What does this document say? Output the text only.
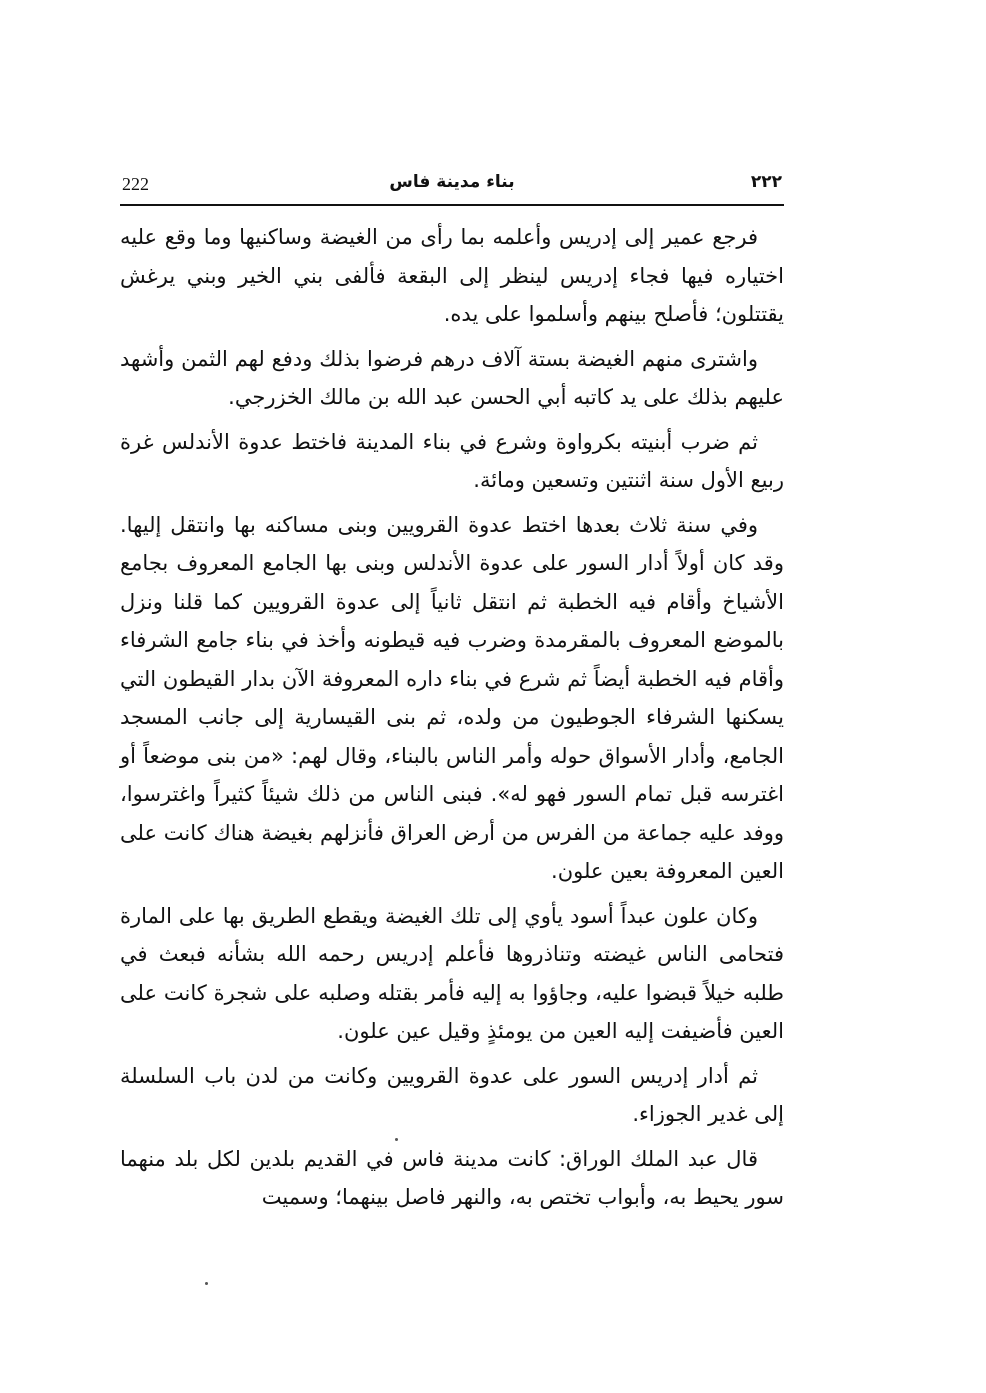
222	بناء مدينة فاس	٢٢٢

فرجع عمير إلى إدريس وأعلمه بما رأى من الغيضة وساكنيها وما وقع عليه اختياره فيها فجاء إدريس لينظر إلى البقعة فألفى بني الخير وبني يرغش يقتتلون؛ فأصلح بينهم وأسلموا على يده.

واشترى منهم الغيضة بستة آلاف درهم فرضوا بذلك ودفع لهم الثمن وأشهد عليهم بذلك على يد كاتبه أبي الحسن عبد الله بن مالك الخزرجي.

ثم ضرب أبنيته بكرواوة وشرع في بناء المدينة فاختط عدوة الأندلس غرة ربيع الأول سنة اثنتين وتسعين ومائة.

وفي سنة ثلاث بعدها اختط عدوة القرويين وبنى مساكنه بها وانتقل إليها. وقد كان أولاً أدار السور على عدوة الأندلس وبنى بها الجامع المعروف بجامع الأشياخ وأقام فيه الخطبة ثم انتقل ثانياً إلى عدوة القرويين كما قلنا ونزل بالموضع المعروف بالمقرمدة وضرب فيه قيطونه وأخذ في بناء جامع الشرفاء وأقام فيه الخطبة أيضاً ثم شرع في بناء داره المعروفة الآن بدار القيطون التي يسكنها الشرفاء الجوطيون من ولده، ثم بنى القيسارية إلى جانب المسجد الجامع، وأدار الأسواق حوله وأمر الناس بالبناء، وقال لهم: «من بنى موضعاً أو اغترسه قبل تمام السور فهو له». فبنى الناس من ذلك شيئاً كثيراً واغترسوا، ووفد عليه جماعة من الفرس من أرض العراق فأنزلهم بغيضة هناك كانت على العين المعروفة بعين علون.

وكان علون عبداً أسود يأوي إلى تلك الغيضة ويقطع الطريق بها على المارة فتحامى الناس غيضته وتناذروها فأعلم إدريس رحمه الله بشأنه فبعث في طلبه خيلاً قبضوا عليه، وجاؤوا به إليه فأمر بقتله وصلبه على شجرة كانت على العين فأضيفت إليه العين من يومئذٍ وقيل عين علون.

ثم أدار إدريس السور على عدوة القرويين وكانت من لدن باب السلسلة إلى غدير الجوزاء.

قال عبد الملك الوراق: كانت مدينة فاس في القديم بلدين لكل بلد منهما سور يحيط به، وأبواب تختص به، والنهر فاصل بينهما؛ وسميت
